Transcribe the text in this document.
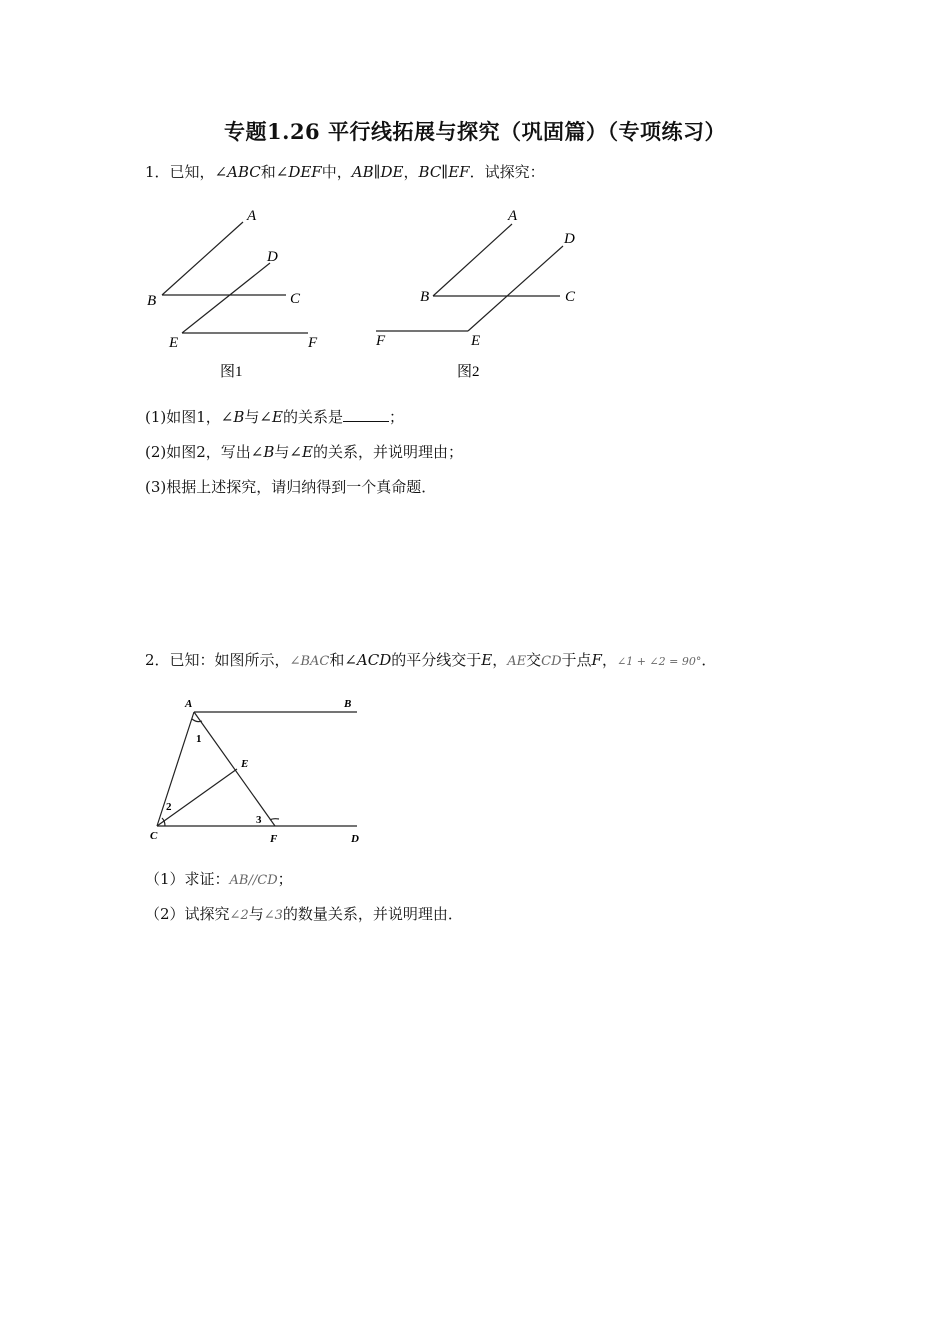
专题1.26 平行线拓展与探究（巩固篇）（专项练习）
1．已知，∠ABC和∠DEF中，AB∥DE，BC∥EF．试探究：
A
B	C
D
E	F
图1
A
B	C
D
E
F
图2
(1)如图1，∠B与∠E的关系是	；
(2)如图2，写出∠B与∠E的关系，并说明理由；
(3)根据上述探究，请归纳得到一个真命题．
2．已知：如图所示，∠BAC和∠ACD的平分线交于E，AE交CD于点F，∠1 + ∠2 = 90°．
A	B
C	D
E
F
1
2
3
（1）求证：AB//CD；
（2）试探究∠2与∠3的数量关系，并说明理由．
